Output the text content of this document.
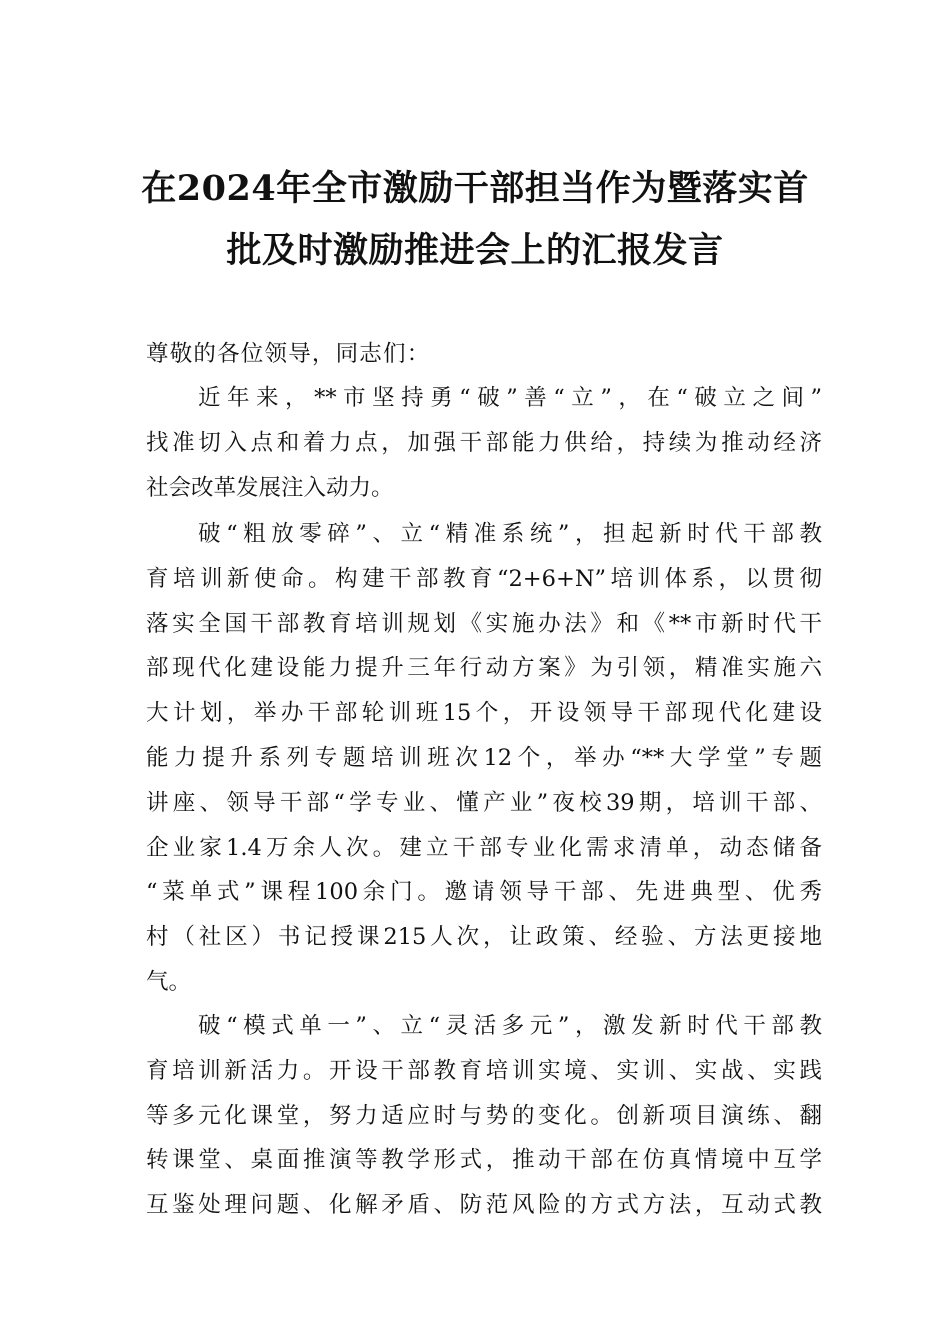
在2024年全市激励干部担当作为暨落实首
批及时激励推进会上的汇报发言
尊敬的各位领导，同志们：
近年来，**市坚持勇“破”善“立”，在“破立之间”
找准切入点和着力点，加强干部能力供给，持续为推动经济
社会改革发展注入动力。
破“粗放零碎”、立“精准系统”，担起新时代干部教
育培训新使命。构建干部教育“2+6+N”培训体系，以贯彻
落实全国干部教育培训规划《实施办法》和《**市新时代干
部现代化建设能力提升三年行动方案》为引领，精准实施六
大计划，举办干部轮训班15个，开设领导干部现代化建设
能力提升系列专题培训班次12个，举办“**大学堂”专题
讲座、领导干部“学专业、懂产业”夜校39期，培训干部、
企业家1.4万余人次。建立干部专业化需求清单，动态储备
“菜单式”课程100余门。邀请领导干部、先进典型、优秀
村（社区）书记授课215人次，让政策、经验、方法更接地
气。
破“模式单一”、立“灵活多元”，激发新时代干部教
育培训新活力。开设干部教育培训实境、实训、实战、实践
等多元化课堂，努力适应时与势的变化。创新项目演练、翻
转课堂、桌面推演等教学形式，推动干部在仿真情境中互学
互鉴处理问题、化解矛盾、防范风险的方式方法，互动式教
